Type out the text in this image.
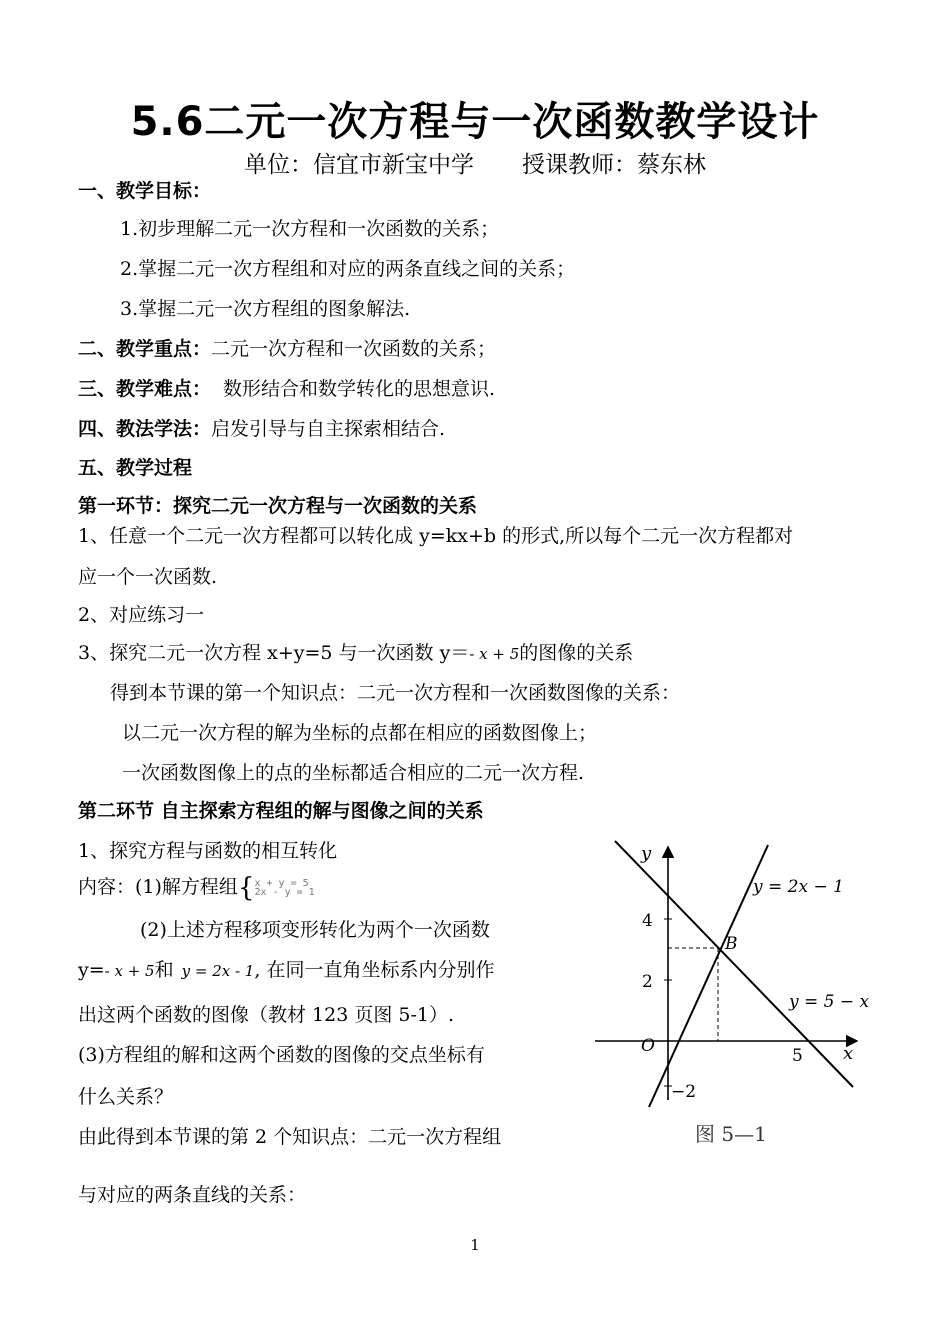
5.6二元一次方程与一次函数教学设计
单位：信宜市新宝中学 授课教师：蔡东林
一、教学目标：
1.初步理解二元一次方程和一次函数的关系；
2.掌握二元一次方程组和对应的两条直线之间的关系；
3.掌握二元一次方程组的图象解法.
二、教学重点：二元一次方程和一次函数的关系；
三、教学难点： 数形结合和数学转化的思想意识.
四、教法学法：启发引导与自主探索相结合.
五、教学过程
第一环节：探究二元一次方程与一次函数的关系
1、任意一个二元一次方程都可以转化成 y=kx+b 的形式,所以每个二元一次方程都对
应一个一次函数.
2、对应练习一
3、探究二元一次方程 x+y=5 与一次函数 y＝- x + 5的图像的关系
得到本节课的第一个知识点：二元一次方程和一次函数图像的关系：
以二元一次方程的解为坐标的点都在相应的函数图像上；
一次函数图像上的点的坐标都适合相应的二元一次方程.
第二环节 自主探索方程组的解与图像之间的关系
1、探究方程与函数的相互转化
内容：(1)解方程组{ x + y = 5
2x - y = 1
(2)上述方程移项变形转化为两个一次函数
y=- x + 5和 y = 2x - 1, 在同一直角坐标系内分别作
出这两个函数的图像（教材 123 页图 5-1）.
(3)方程组的解和这两个函数的图像的交点坐标有
什么关系？
由此得到本节课的第 2 个知识点：二元一次方程组
与对应的两条直线的关系：
y
x
O
4
2
−2
5
B
y = 2x − 1
y = 5 − x
图 5—1
1
